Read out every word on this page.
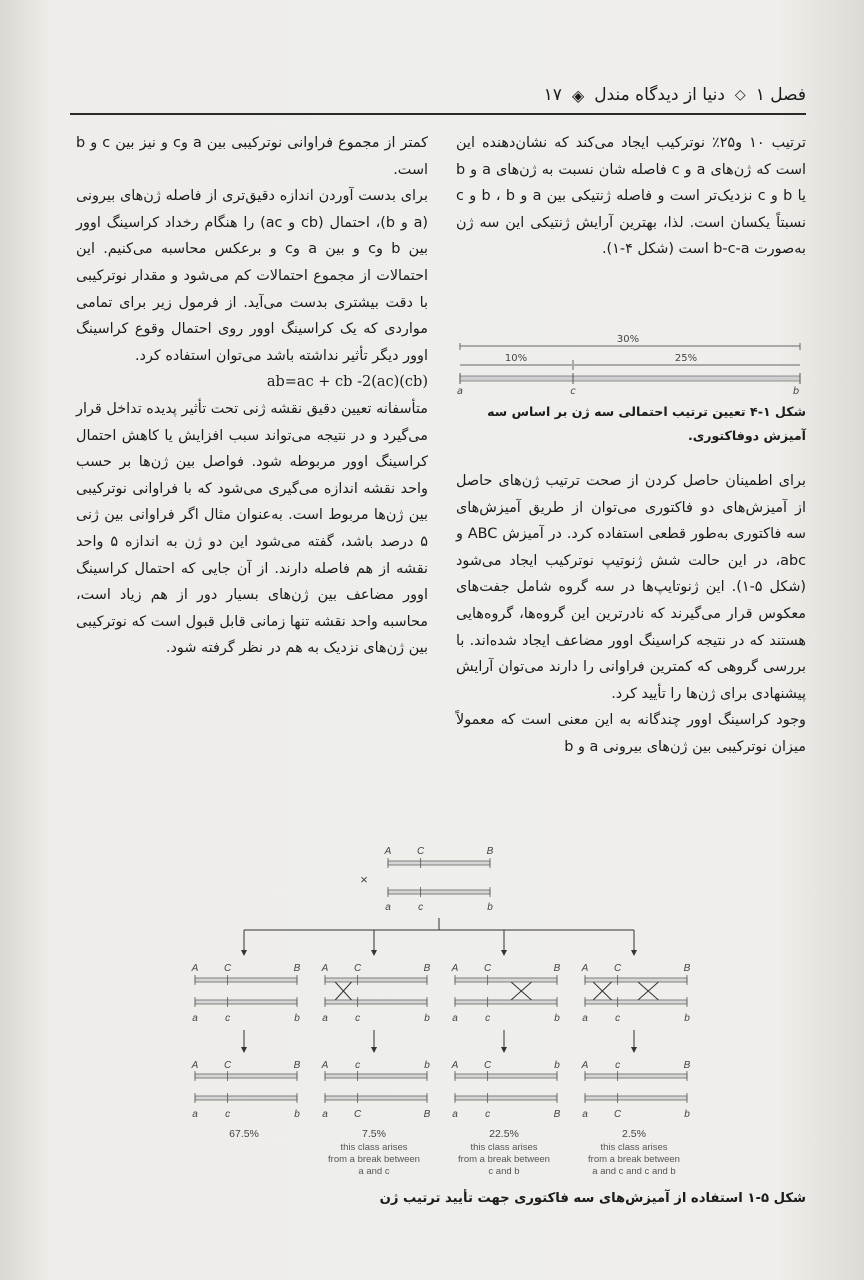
فصل ۱
◇
دنیا از دیدگاه مندل
◈
۱۷

ترتیب ۱۰ و۲۵٪ نوترکیب ایجاد می‌کند که نشان‌دهنده این است که ژن‌های a و c فاصله شان نسبت به ژن‌های a و b یا b و c نزدیک‌تر است و فاصله ژنتیکی بین a و b ، b و c نسبتاً یکسان است. لذا، بهترین آرایش ژنتیکی این سه ژن به‌صورت b-c-a است (شکل ۴-۱).

30%
10%	25%
a	c	b
شکل ۱-۴ تعیین ترتیب احتمالی سه ژن بر اساس سه آمیزش دوفاکتوری.

برای اطمینان حاصل کردن از صحت ترتیب ژن‌های حاصل از آمیزش‌های دو فاکتوری می‌توان از طریق آمیزش‌های سه فاکتوری به‌طور قطعی استفاده کرد. در آمیزش ABC و abc، در این حالت شش ژنوتیپ نوترکیب ایجاد می‌شود (شکل ۵-۱). این ژنوتایپ‌ها در سه گروه شامل جفت‌های معکوس قرار می‌گیرند که نادرترین این گروه‌ها، گروه‌هایی هستند که در نتیجه کراسینگ اوور مضاعف ایجاد شده‌اند. با بررسی گروهی که کمترین فراوانی را دارند می‌توان آرایش پیشنهادی برای ژن‌ها را تأیید کرد.

وجود کراسینگ اوور چندگانه به این معنی است که معمولاً میزان نوترکیبی بین ژن‌های بیرونی a و b

کمتر از مجموع فراوانی نوترکیبی بین a وc و نیز بین c و b است.

برای بدست آوردن اندازه دقیق‌تری از فاصله ژن‌های بیرونی (a و b)، احتمال (cb و ac) را هنگام رخداد کراسینگ اوور بین b وc و بین a وc و برعکس محاسبه می‌کنیم. این احتمالات از مجموع احتمالات کم می‌شود و مقدار نوترکیبی با دقت بیشتری بدست می‌آید. از فرمول زیر برای تمامی مواردی که یک کراسینگ اوور روی احتمال وقوع کراسینگ اوور دیگر تأثیر نداشته باشد می‌توان استفاده کرد.

ab=ac + cb -2(ac)(cb)

متأسفانه تعیین دقیق نقشه ژنی تحت تأثیر پدیده تداخل قرار می‌گیرد و در نتیجه می‌تواند سبب افزایش یا کاهش احتمال کراسینگ اوور مربوطه شود. فواصل بین ژن‌ها بر حسب واحد نقشه اندازه می‌گیری می‌شود که با فراوانی نوترکیبی بین ژن‌ها مربوط است. به‌عنوان مثال اگر فراوانی بین ژنی ۵ درصد باشد، گفته می‌شود این دو ژن به اندازه ۵ واحد نقشه از هم فاصله دارند. از آن جایی که احتمال کراسینگ اوور مضاعف بین ژن‌های بسیار دور از هم زیاد است، محاسبه واحد نقشه تنها زمانی قابل قبول است که نوترکیبی بین ژن‌های نزدیک به هم در نظر گرفته شود.

A	C	B
×
a	c	b
A	C	B
a	c	b
A	C	B
a	c	b
67.5%
A	C	B
a	c	b
A	c	b
a	C	B
7.5%
this class arises
from a break between
a and c
A	C	B
a	c	b
A	C	b
a	c	B
22.5%
this class arises
from a break between
c and b
A	C	B
a	c	b
A	c	B
a	C	b
2.5%
this class arises
from a break between
a and c and c and b
شکل ۵-۱ استفاده از آمیزش‌های سه فاکتوری جهت تأیید ترتیب ژن
